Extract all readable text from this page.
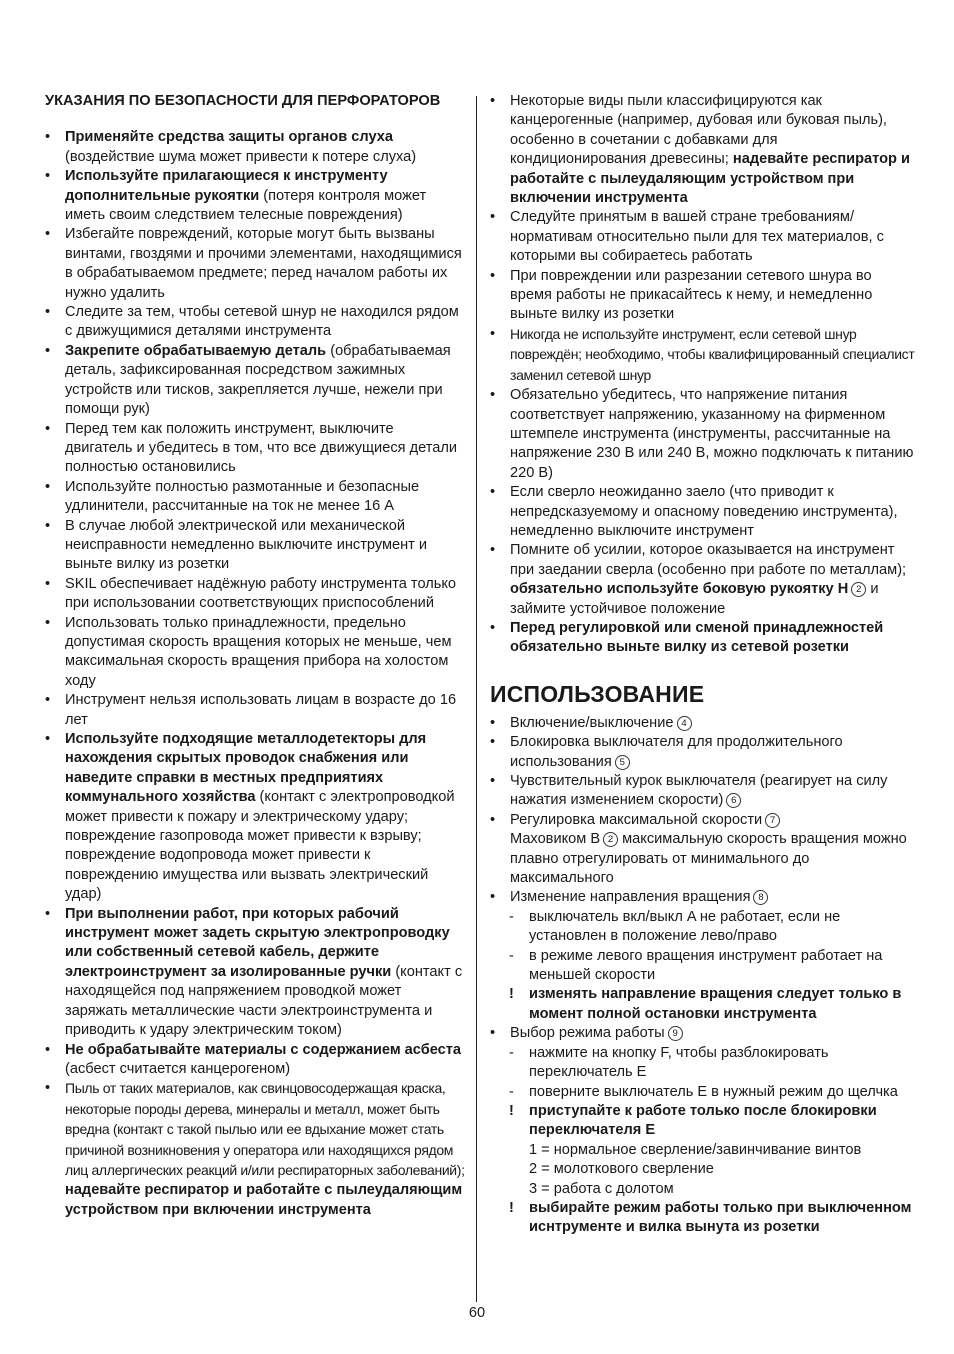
УКАЗАНИЯ ПО БЕЗОПАСНОСТИ ДЛЯ ПЕРФОРАТОРОВ
• Применяйте средства защиты органов слуха (воздействие шума может привести к потере слуха)
• Используйте прилагающиеся к инструменту дополнительные рукоятки (потеря контроля может иметь своим следствием телесные повреждения)
• Избегайте повреждений, которые могут быть вызваны винтами, гвоздями и прочими элементами, находящимися в обрабатываемом предмете; перед началом работы их нужно удалить
• Следите за тем, чтобы сетевой шнур не находился рядом с движущимися деталями инструмента
• Закрепите обрабатываемую деталь (обрабатываемая деталь, зафиксированная посредством зажимных устройств или тисков, закрепляется лучше, нежели при помощи рук)
• Перед тем как положить инструмент, выключите двигатель и убедитесь в том, что все движущиеся детали полностью остановились
• Используйте полностью размотанные и безопасные удлинители, рассчитанные на ток не менее 16 A
• В случае любой электрической или механической неисправности немедленно выключите инструмент и выньте вилку из розетки
• SKIL обеспечивает надёжную работу инструмента только при использовании соответствующих приспособлений
• Использовать только принадлежности, предельно допустимая скорость вращения которых не меньше, чем максимальная скорость вращения прибора на холостом ходу
• Инструмент нельзя использовать лицам в возрасте до 16 лет
• Используйте подходящие металлодетекторы для нахождения скрытых проводок снабжения или наведите справки в местных предприятиях коммунального хозяйства (контакт с электропроводкой может привести к пожару и электрическому удару; повреждение газопровода может привести к взрыву; повреждение водопровода может привести к повреждению имущества или вызвать электрический удар)
• При выполнении работ, при которых рабочий инструмент может задеть скрытую электропроводку или собственный сетевой кабель, держите электроинструмент за изолированные ручки (контакт с находящейся под напряжением проводкой может заряжать металлические части электроинструмента и приводить к удару электрическим током)
• Не обрабатывайте материалы с содержанием асбеста (асбест считается канцерогеном)
• Пыль от таких материалов, как свинцовосодержащая краска, некоторые породы дерева, минералы и металл, может быть вредна (контакт с такой пылью или ее вдыхание может стать причиной возникновения у оператора или находящихся рядом лиц аллергических реакций и/или респираторных заболеваний); надевайте респиратор и работайте с пылеудаляющим устройством при включении инструмента
• Некоторые виды пыли классифицируются как канцерогенные (например, дубовая или буковая пыль), особенно в сочетании с добавками для кондиционирования древесины; надевайте респиратор и работайте с пылеудаляющим устройством при включении инструмента
• Следуйте принятым в вашей стране требованиям/нормативам относительно пыли для тех материалов, с которыми вы собираетесь работать
• При повреждении или разрезании сетевого шнура во время работы не прикасайтесь к нему, и немедленно выньте вилку из розетки
• Никогда не используйте инструмент, если сетевой шнур повреждён; необходимо, чтобы квалифицированный специалист заменил сетевой шнур
• Обязательно убедитесь, что напряжение питания соответствует напряжению, указанному на фирменном штемпеле инструмента (инструменты, рассчитанные на напряжение 230 В или 240 В, можно подключать к питанию 220 В)
• Если сверло неожиданно заело (что приводит к непредсказуемому и опасному поведению инструмента), немедленно выключите инструмент
• Помните об усилии, которое оказывается на инструмент при заедании сверла (особенно при работе по металлам); обязательно используйте боковую рукоятку H 2 и займите устойчивое положение
• Перед регулировкой или сменой принадлежностей обязательно выньте вилку из сетевой розетки
ИСПОЛЬЗОВАНИЕ
• Включение/выключение 4
• Блокировка выключателя для продолжительного использования 5
• Чувствительный курок выключателя (реагирует на силу нажатия изменением скорости) 6
• Регулировка максимальной скорости 7
Маховиком B 2 максимальную скорость вращения можно плавно отрегулировать от минимального до максимального
• Изменение направления вращения 8
- выключатель вкл/выкл A не работает, если не установлен в положение лево/право
- в режиме левого вращения инструмент работает на меньшей скорости
! изменять направление вращения следует только в момент полной остановки инструмента
• Выбор режима работы 9
- нажмите на кнопку F, чтобы разблокировать переключатель E
- поверните выключатель E в нужный режим до щелчка
! приступайте к работе только после блокировки переключателя E
1 = нормальное сверление/завинчивание винтов
2 = молоткового сверление
3 = работа с долотом
! выбирайте режим работы только при выключенном иснтрументе и вилка вынута из розетки
60
